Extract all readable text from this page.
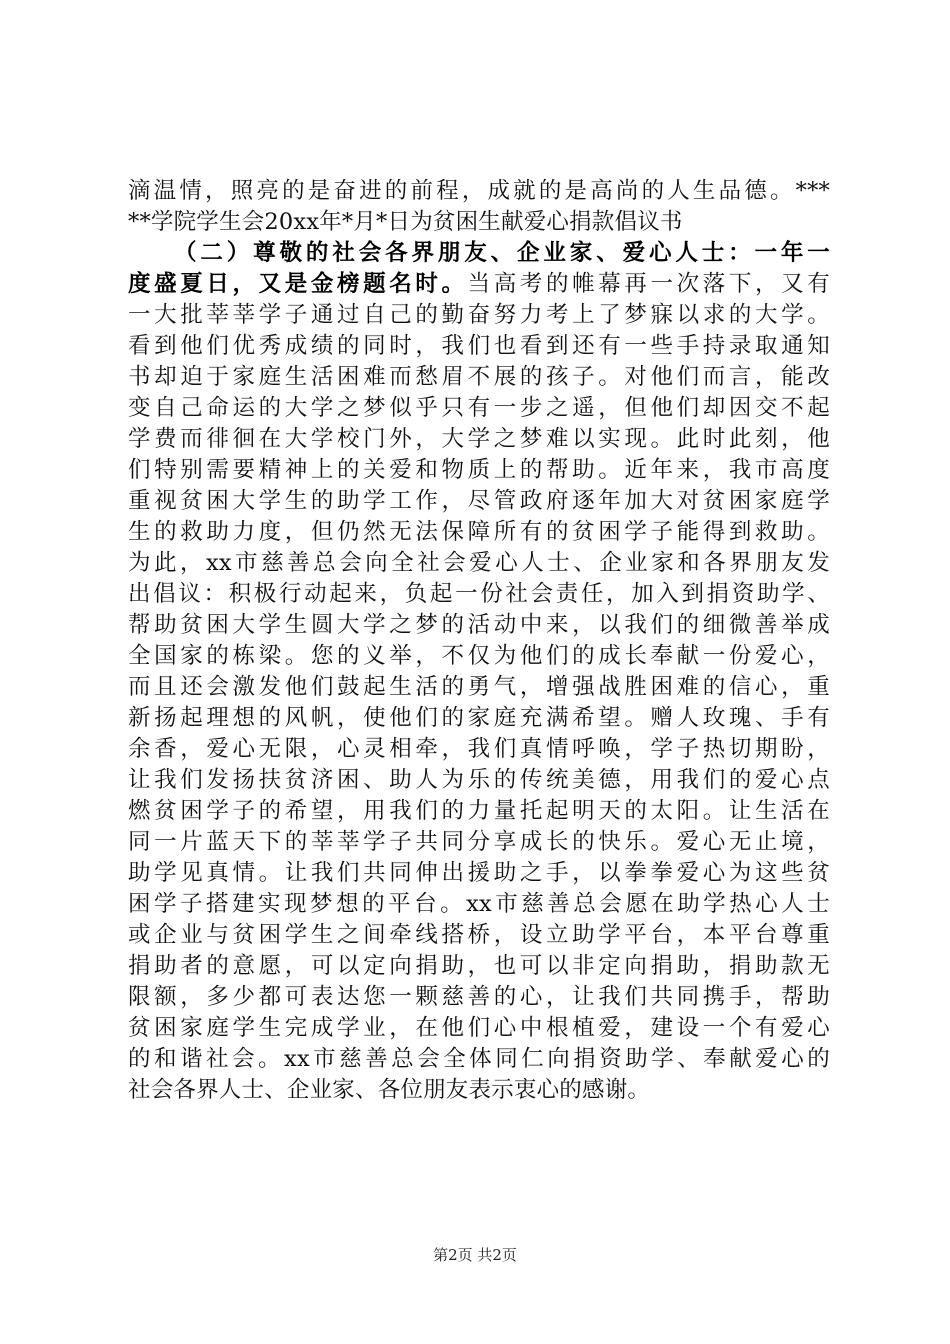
滴温情，照亮的是奋进的前程，成就的是高尚的人生品德。***
**学院学生会20xx年*月*日为贫困生献爱心捐款倡议书
（二）尊敬的社会各界朋友、企业家、爱心人士：一年一
度盛夏日，又是金榜题名时。当高考的帷幕再一次落下，又有
一大批莘莘学子通过自己的勤奋努力考上了梦寐以求的大学。
看到他们优秀成绩的同时，我们也看到还有一些手持录取通知
书却迫于家庭生活困难而愁眉不展的孩子。对他们而言，能改
变自己命运的大学之梦似乎只有一步之遥，但他们却因交不起
学费而徘徊在大学校门外，大学之梦难以实现。此时此刻，他
们特别需要精神上的关爱和物质上的帮助。近年来，我市高度
重视贫困大学生的助学工作，尽管政府逐年加大对贫困家庭学
生的救助力度，但仍然无法保障所有的贫困学子能得到救助。
为此，xx市慈善总会向全社会爱心人士、企业家和各界朋友发
出倡议：积极行动起来，负起一份社会责任，加入到捐资助学、
帮助贫困大学生圆大学之梦的活动中来，以我们的细微善举成
全国家的栋梁。您的义举，不仅为他们的成长奉献一份爱心，
而且还会激发他们鼓起生活的勇气，增强战胜困难的信心，重
新扬起理想的风帆，使他们的家庭充满希望。赠人玫瑰、手有
余香，爱心无限，心灵相牵，我们真情呼唤，学子热切期盼，
让我们发扬扶贫济困、助人为乐的传统美德，用我们的爱心点
燃贫困学子的希望，用我们的力量托起明天的太阳。让生活在
同一片蓝天下的莘莘学子共同分享成长的快乐。爱心无止境，
助学见真情。让我们共同伸出援助之手，以拳拳爱心为这些贫
困学子搭建实现梦想的平台。xx市慈善总会愿在助学热心人士
或企业与贫困学生之间牵线搭桥，设立助学平台，本平台尊重
捐助者的意愿，可以定向捐助，也可以非定向捐助，捐助款无
限额，多少都可表达您一颗慈善的心，让我们共同携手，帮助
贫困家庭学生完成学业，在他们心中根植爱，建设一个有爱心
的和谐社会。xx市慈善总会全体同仁向捐资助学、奉献爱心的
社会各界人士、企业家、各位朋友表示衷心的感谢。
第2页 共2页
